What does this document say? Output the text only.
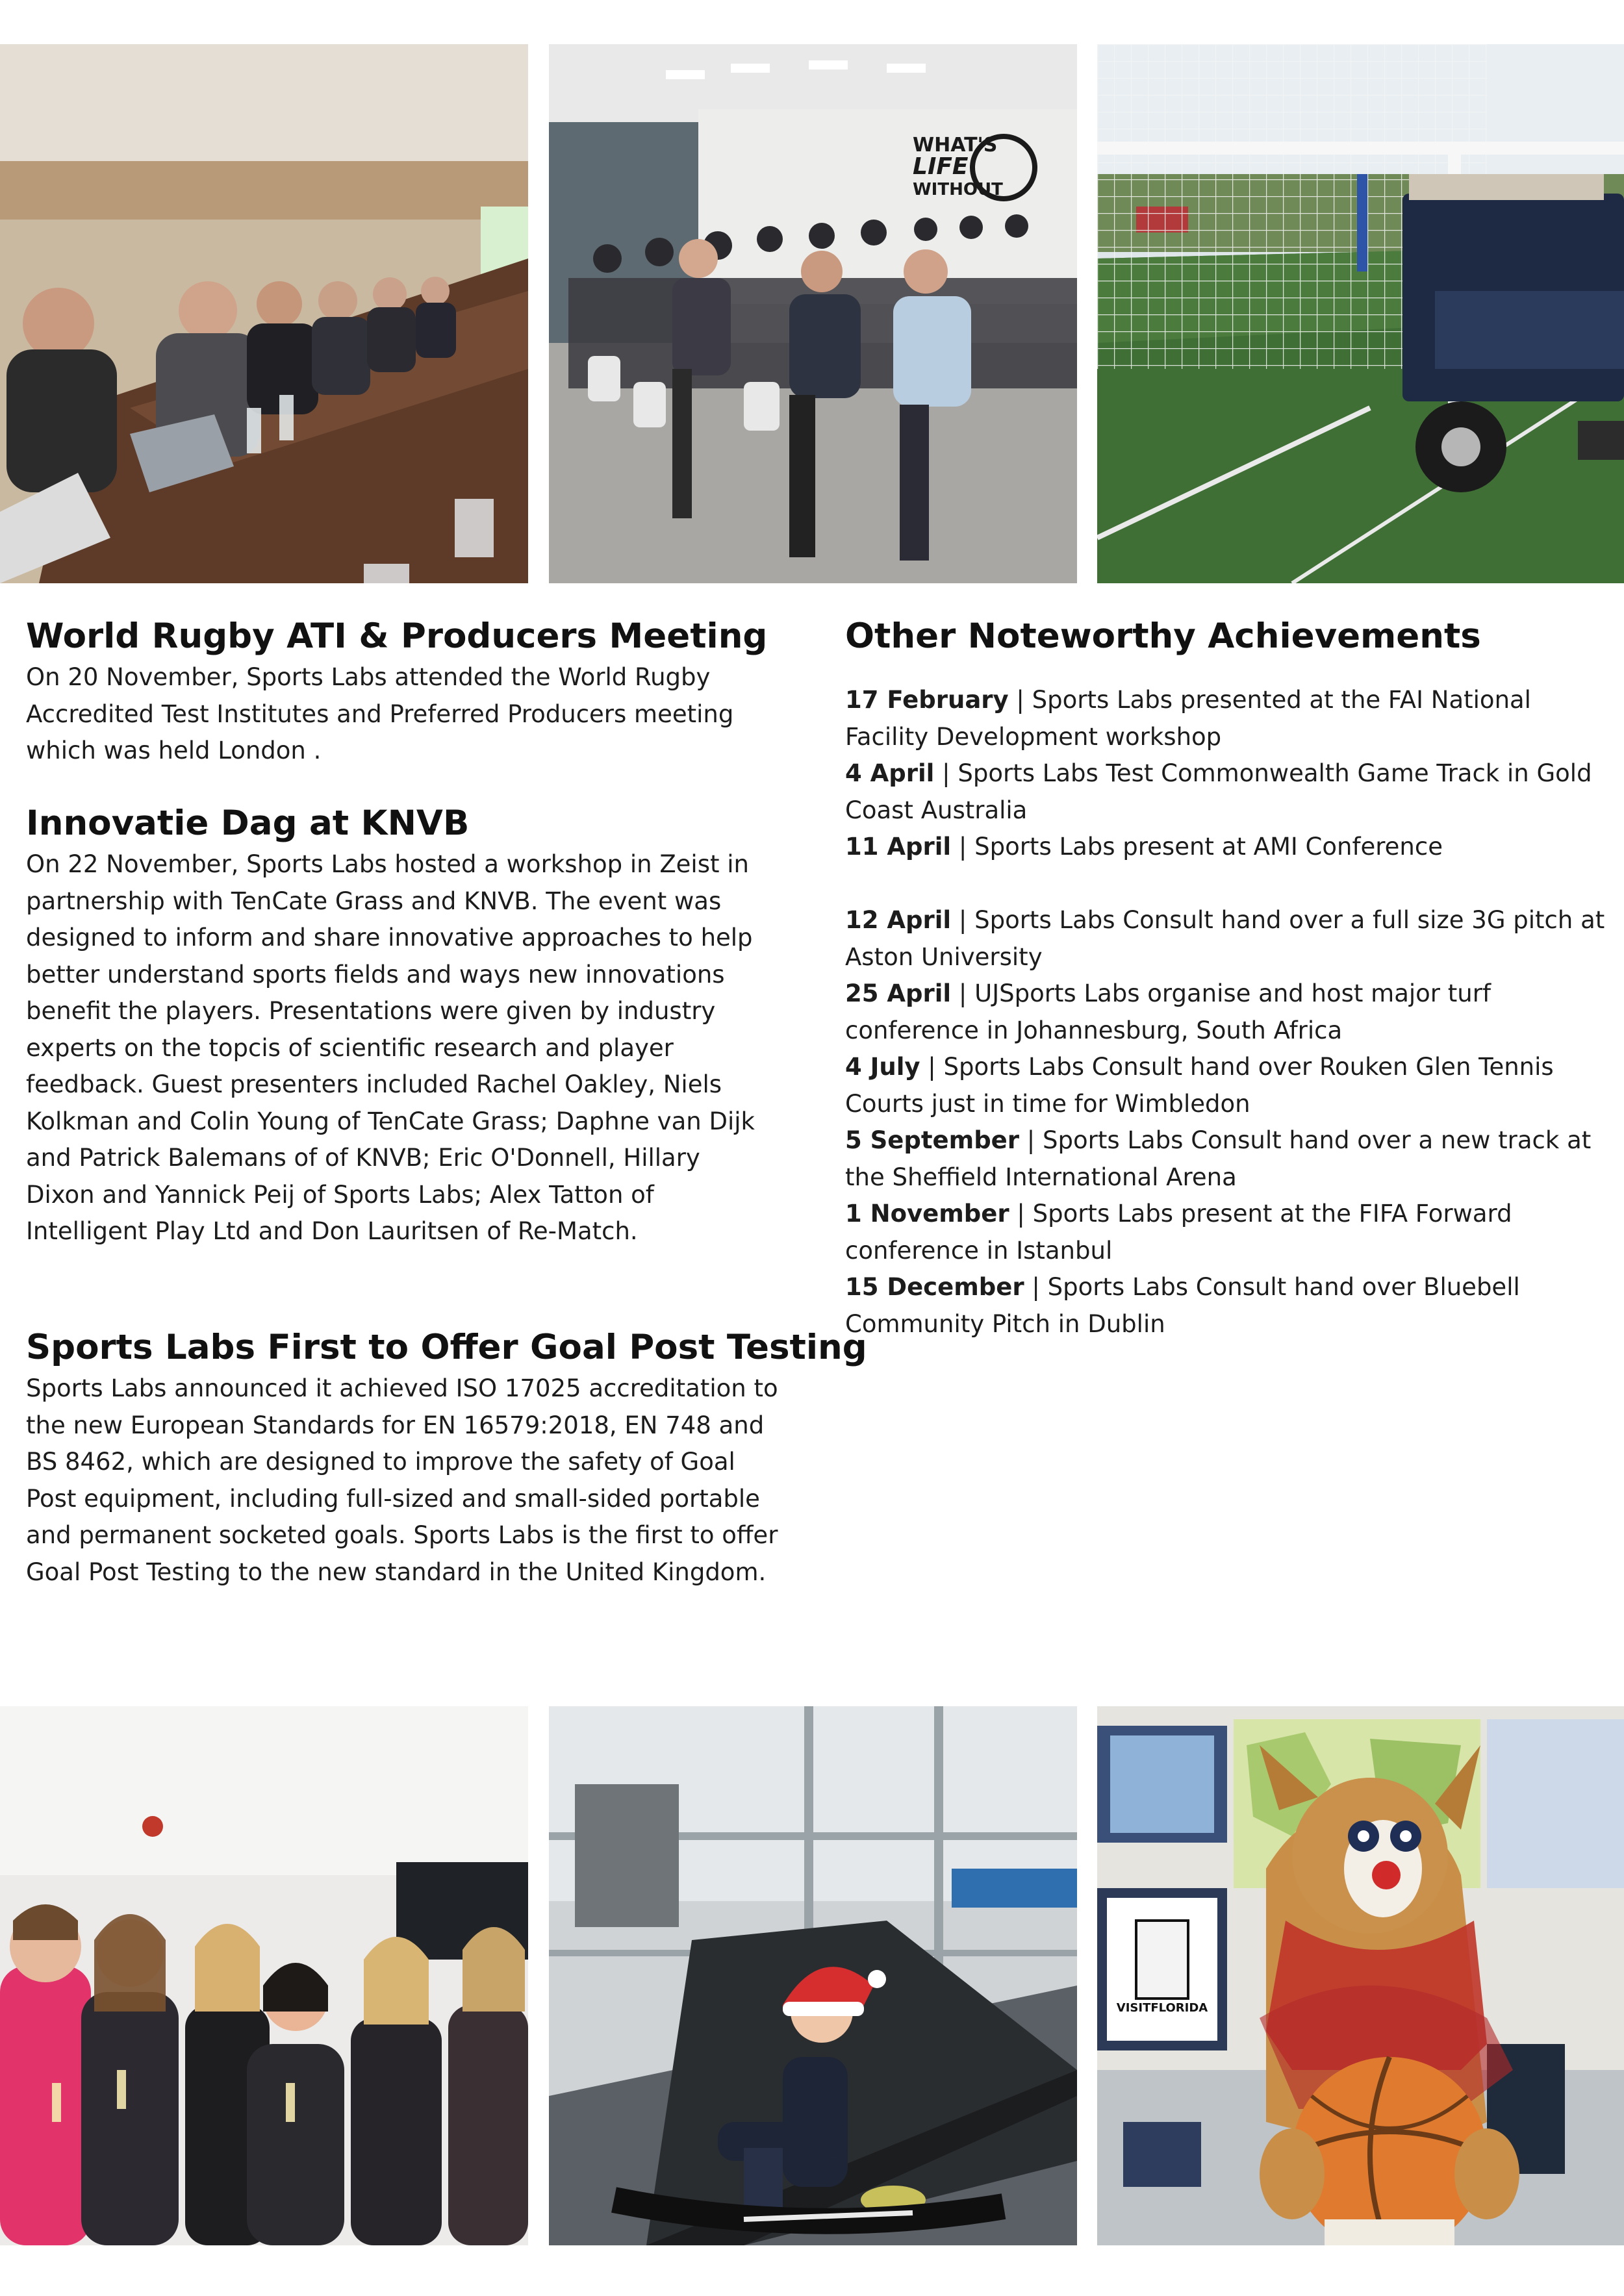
WHAT'S
LIFE
WITHOUT
World Rugby ATI & Producers Meeting

On 20 November, Sports Labs attended the World Rugby
Accredited Test Institutes and Preferred Producers meeting
which was held London .

Innovatie Dag at KNVB

On 22 November, Sports Labs hosted a workshop in Zeist in
partnership with TenCate Grass and KNVB. The event was
designed to inform and share innovative approaches to help
better understand sports fields and ways new innovations
benefit the players. Presentations were given by industry
experts on the topcis of scientific research and player
feedback. Guest presenters included Rachel Oakley, Niels
Kolkman and Colin Young of TenCate Grass; Daphne van Dijk
and Patrick Balemans of of KNVB; Eric O'Donnell, Hillary
Dixon and Yannick Peij of Sports Labs; Alex Tatton of
Intelligent Play Ltd and Don Lauritsen of Re-Match.

Sports Labs First to Offer Goal Post Testing

Sports Labs announced it achieved ISO 17025 accreditation to
the new European Standards for EN 16579:2018, EN 748 and
BS 8462, which are designed to improve the safety of Goal
Post equipment, including full-sized and small-sided portable
and permanent socketed goals. Sports Labs is the first to offer
Goal Post Testing to the new standard in the United Kingdom.

Other Noteworthy Achievements
17 February | Sports Labs presented at the FAI National
Facility Development workshop
4 April | Sports Labs Test Commonwealth Game Track in Gold
Coast Australia
11 April | Sports Labs present at AMI Conference
12 April | Sports Labs Consult hand over a full size 3G pitch at
Aston University
25 April | UJSports Labs organise and host major turf
conference in Johannesburg, South Africa
4 July | Sports Labs Consult hand over Rouken Glen Tennis
Courts just in time for Wimbledon
5 September | Sports Labs Consult hand over a new track at
the Sheffield International Arena
1 November | Sports Labs present at the FIFA Forward
conference in Istanbul
15 December | Sports Labs Consult hand over Bluebell
Community Pitch in Dublin
VISITFLORIDA
